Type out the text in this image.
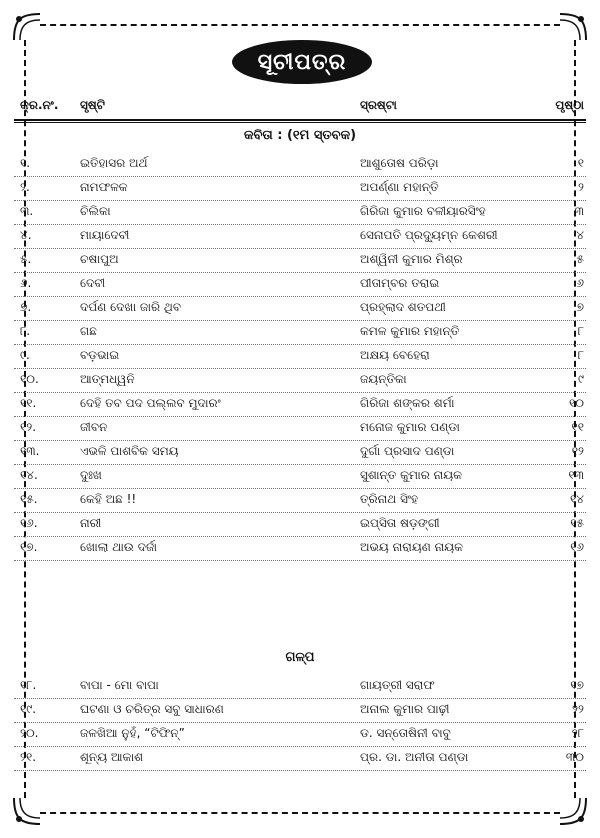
ସୂଚୀପତ୍ର
କ୍ର.ନଂ. ସୃଷ୍ଟି	ସ୍ରଷ୍ଟା	ପୃଷ୍ଠା
କବିତା : (୧ମ ସ୍ତବକ)
୧.	ଇତିହାସର ଅର୍ଥ	ଆଶୁତୋଷ ପରିଡ଼ା	୧
୨.	ନାମଫଳକ	ଅପର୍ଣ୍ଣା ମହାନ୍ତି	୨
୩.	ଚିଲିକା	ଗିରିଜା କୁମାର ବଳୀୟାରସିଂହ	୩
୪.	ମାୟାଦେବୀ	ସେନାପତି ପ୍ରଦ୍ୟୁମ୍ନ କେଶରୀ	୪
୫.	ଚଷାପୁଅ	ଅଶ୍ୱିନୀ କୁମାର ମିଶ୍ର	୫
୬.	ଦେବୀ	ପୀତାମ୍ବର ତରାଇ	୬
୭.	ଦର୍ପଣ ଦେଖା ଜାରି ଥିବ	ପ୍ରହ୍ଲାଦ ଶତପଥୀ	୭
୮.	ଗଛ	କମଳ କୁମାର ମହାନ୍ତି	୮
୯.	ବଡ଼ଭାଇ	ଅକ୍ଷୟ ବେହେରା	୮
୧୦.	ଆତ୍ମଧ୍ୱନି	ଜୟନ୍ତିକା	୯
୧୧.	ଦେହି ତବ ପଦ ପଲ୍ଲବ ମୁଦାରଂ	ଗିରିଜା ଶଙ୍କର ଶର୍ମା	୧୦
୧୨.	ଜୀବନ	ମନୋଜ କୁମାର ପଣ୍ଡା	୧୧
୧୩.	ଏଭଳି ପାଶବିକ ସମୟ	ଦୁର୍ଗା ପ୍ରସାଦ ପଣ୍ଡା	୧୨
୧୪.	ଦୁଃଖ	ସୁଶାନ୍ତ କୁମାର ନାୟକ	୧୩
୧୫.	କେହି ଅଛ !!	ତ୍ରିନାଥ ସିଂହ	୧୪
୧୬.	ନାରୀ	ଇପ୍‌ସିତା ଷଡ଼ଙ୍ଗୀ	୧୫
୧୭.	ଖୋଲା ଥାଉ ଦର୍ଜା	ଅଭୟ ନାରାୟଣ ନାୟକ	୧୬
ଗଳ୍ପ
୧୮.	ବାପା - ମୋ ବାପା	ଗାୟତ୍ରୀ ସରାଫ	୧୭
୧୯.	ଘଟଣା ଓ ଚରିତ୍ର ସବୁ ସାଧାରଣ	ଅନାଲ କୁମାର ପାଢ଼ୀ	୨୨
୨୦.	ଜଳଖିଆ ନୁହଁ, “ଟିଫିନ୍”	ଡ. ସନ୍ତୋଷିନୀ ବାବୁ	୨୮
୨୧.	ଶୂନ୍ୟ ଆକାଶ	ପ୍ର. ଡା. ଅନୀତା ପଣ୍ଡା	୩୦
